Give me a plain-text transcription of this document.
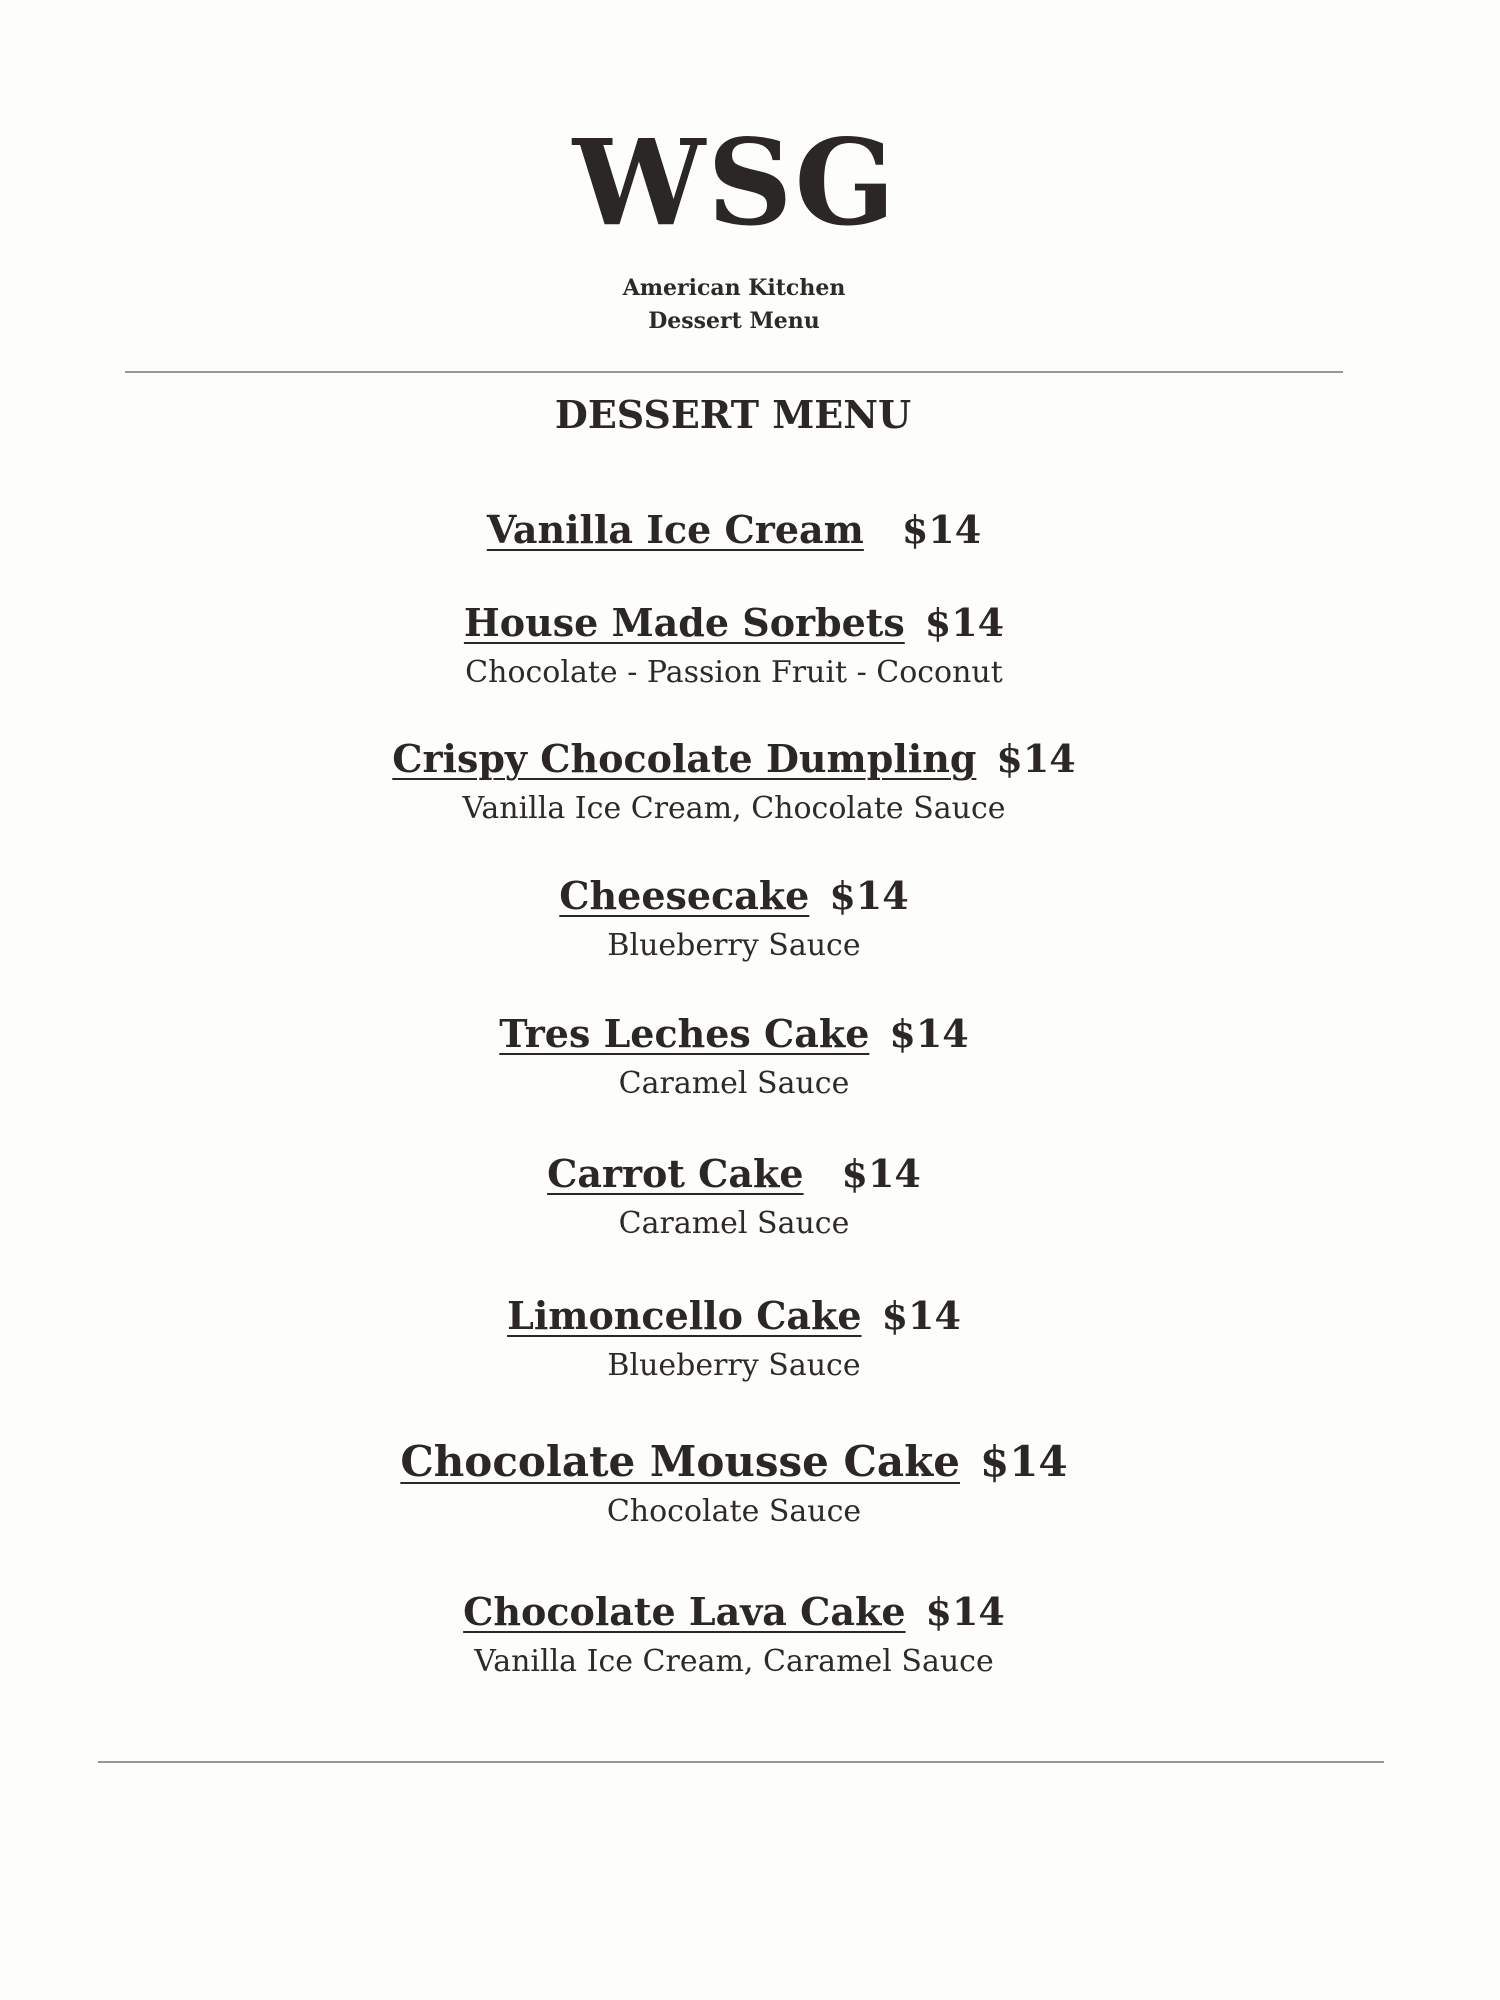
WSG
American Kitchen
Dessert Menu
DESSERT MENU
Vanilla Ice Cream $14
House Made Sorbets $14
Chocolate - Passion Fruit - Coconut
Crispy Chocolate Dumpling $14
Vanilla Ice Cream, Chocolate Sauce
Cheesecake $14
Blueberry Sauce
Tres Leches Cake $14
Caramel Sauce
Carrot Cake $14
Caramel Sauce
Limoncello Cake $14
Blueberry Sauce
Chocolate Mousse Cake $14
Chocolate Sauce
Chocolate Lava Cake $14
Vanilla Ice Cream, Caramel Sauce
